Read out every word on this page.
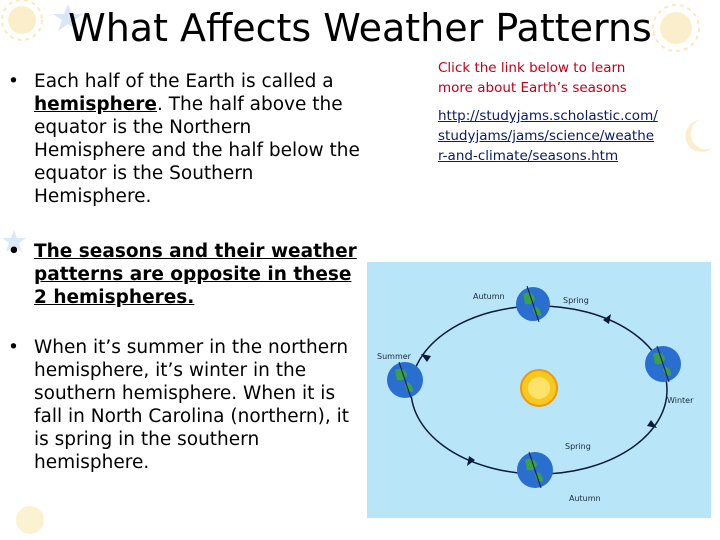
What Affects Weather Patterns
• Each half of the Earth is called a hemisphere. The half above the equator is the Northern Hemisphere and the half below the equator is the Southern Hemisphere.
• The seasons and their weather patterns are opposite in these 2 hemispheres.
• When it’s summer in the northern hemisphere, it’s winter in the southern hemisphere. When it is fall in North Carolina (northern), it is spring in the southern hemisphere.
Click the link below to learn more about Earth’s seasons
http://studyjams.scholastic.com/studyjams/jams/science/weather-and-climate/seasons.htm
Autumn	Spring
Summer
Winter
Spring
Autumn
